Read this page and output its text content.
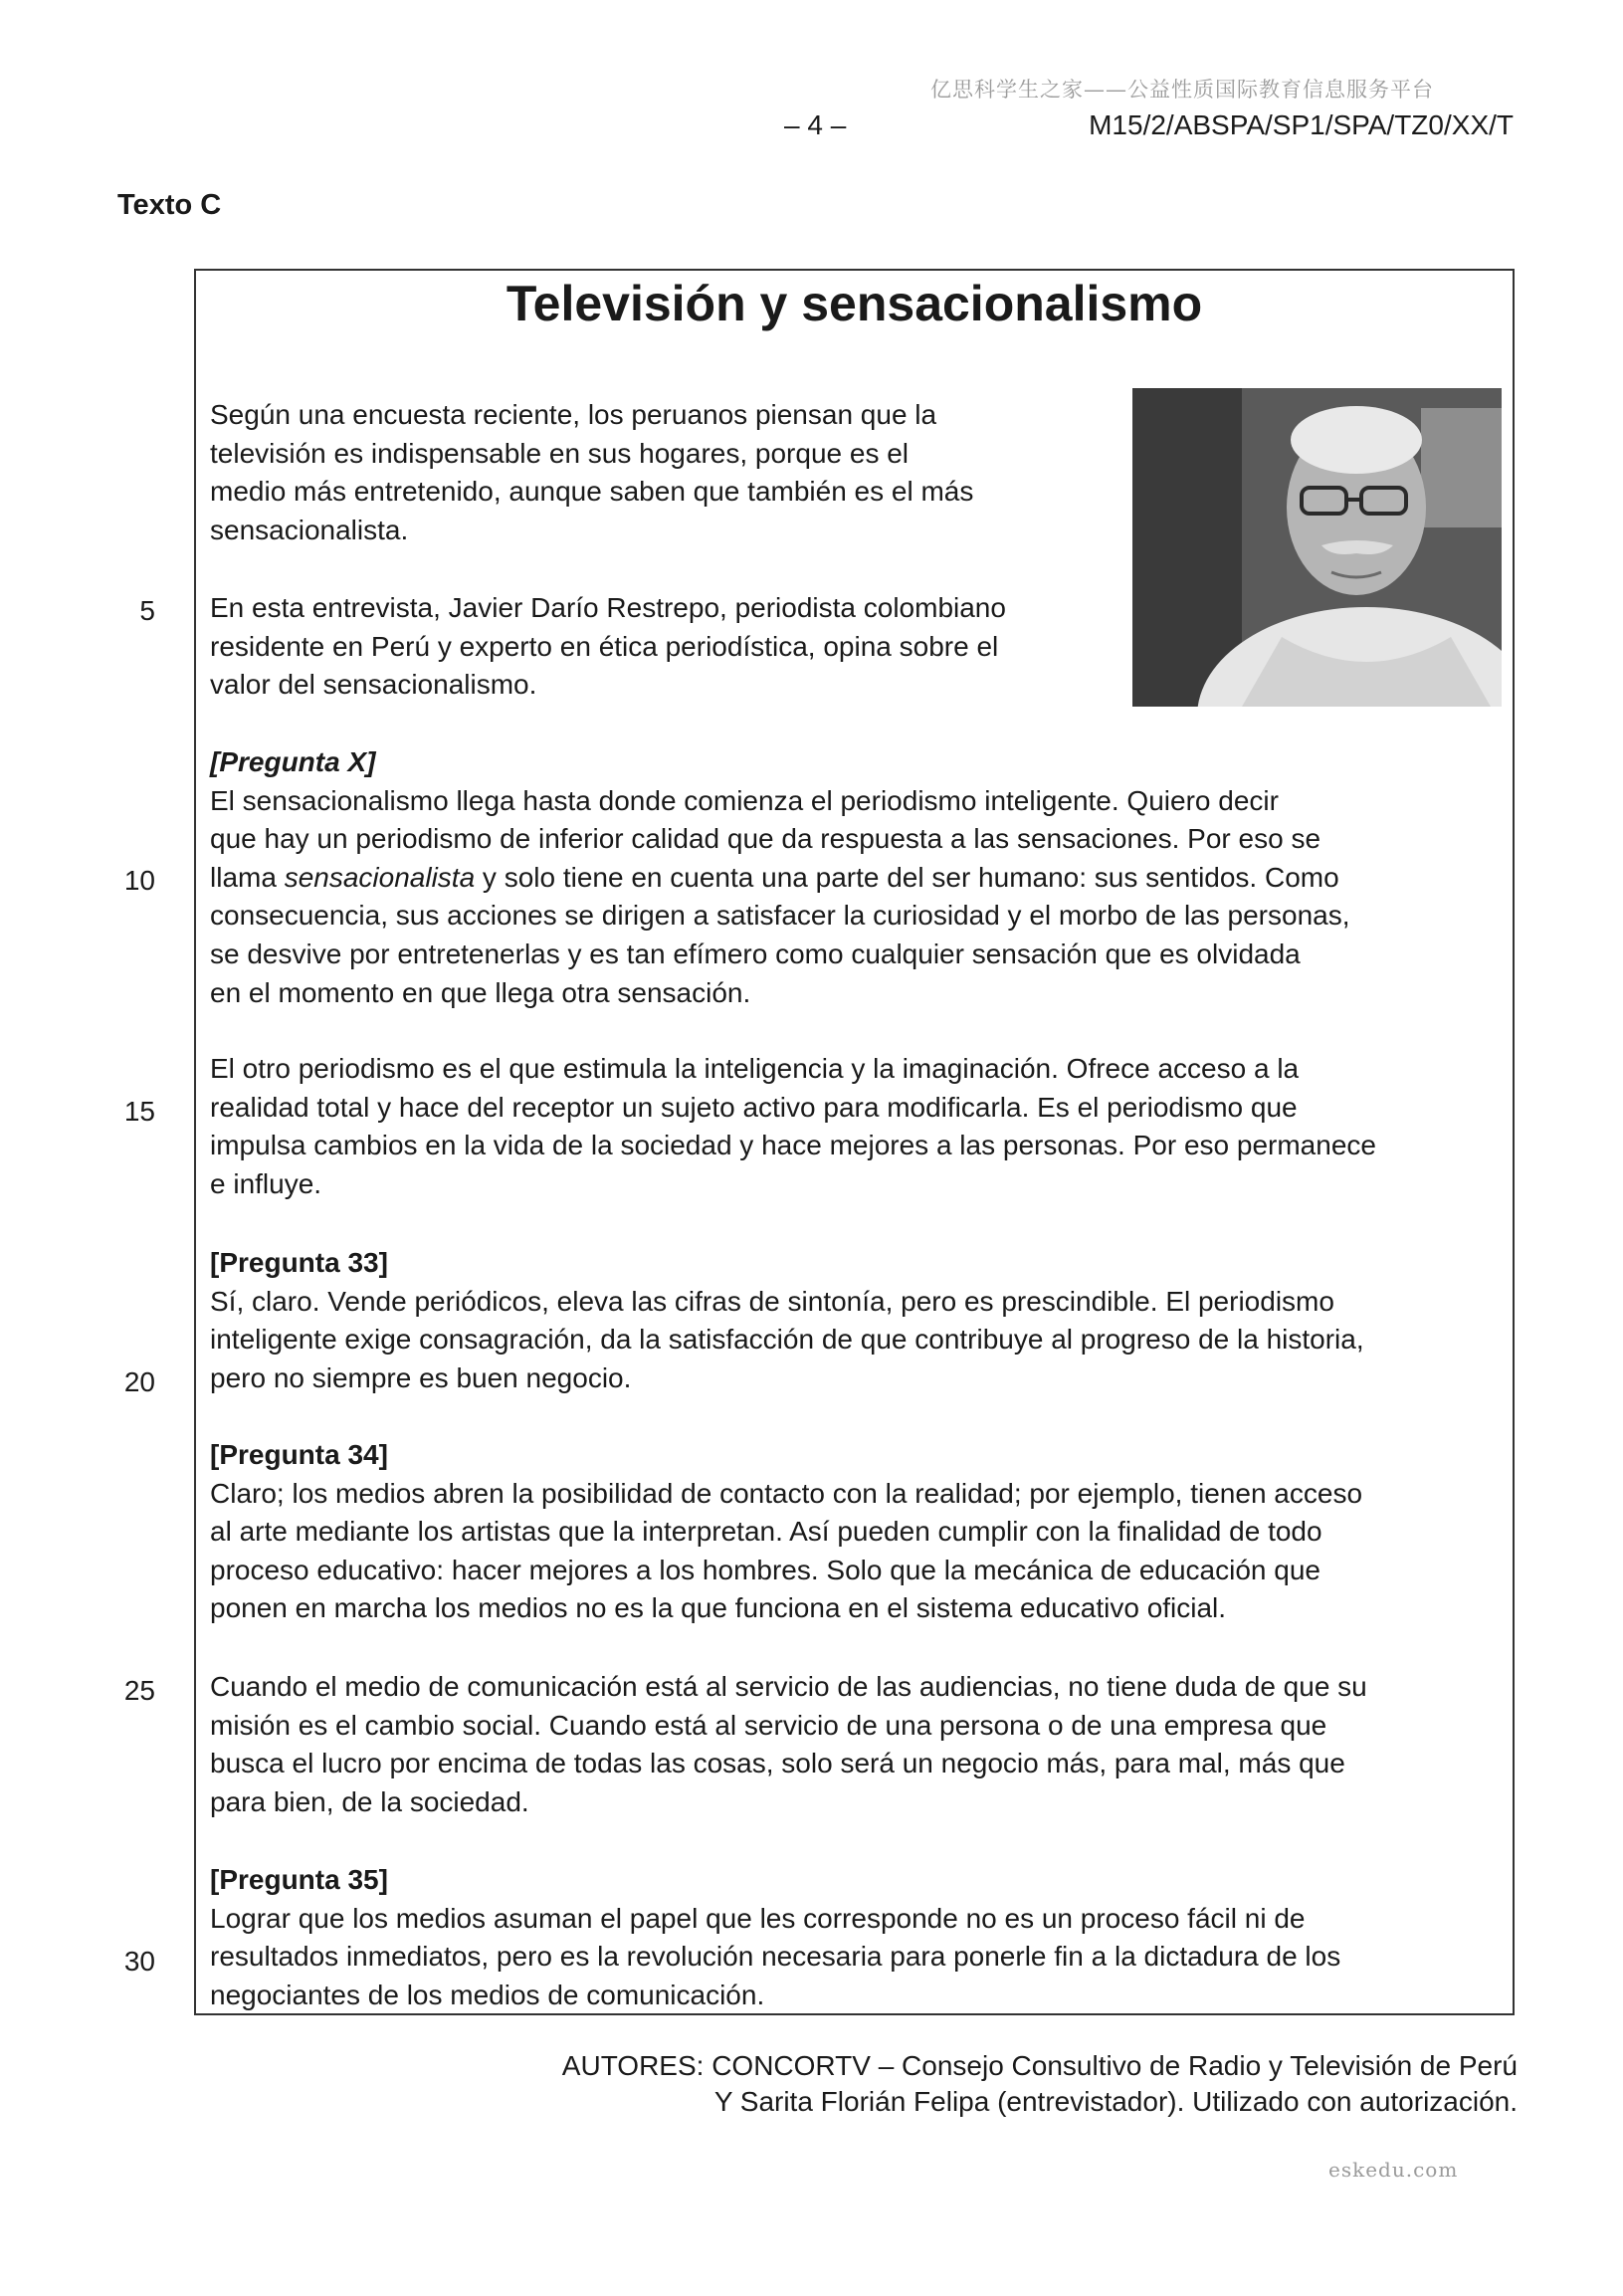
亿思科学生之家——公益性质国际教育信息服务平台
– 4 –	M15/2/ABSPA/SP1/SPA/TZ0/XX/T
Texto C
Televisión y sensacionalismo
Según una encuesta reciente, los peruanos piensan que la
televisión es indispensable en sus hogares, porque es el
medio más entretenido, aunque saben que también es el más
sensacionalista.
En esta entrevista, Javier Darío Restrepo, periodista colombiano
residente en Perú y experto en ética periodística, opina sobre el
valor del sensacionalismo.
[Pregunta X]
El sensacionalismo llega hasta donde comienza el periodismo inteligente. Quiero decir
que hay un periodismo de inferior calidad que da respuesta a las sensaciones. Por eso se
llama sensacionalista y solo tiene en cuenta una parte del ser humano: sus sentidos. Como
consecuencia, sus acciones se dirigen a satisfacer la curiosidad y el morbo de las personas,
se desvive por entretenerlas y es tan efímero como cualquier sensación que es olvidada
en el momento en que llega otra sensación.
El otro periodismo es el que estimula la inteligencia y la imaginación. Ofrece acceso a la
realidad total y hace del receptor un sujeto activo para modificarla. Es el periodismo que
impulsa cambios en la vida de la sociedad y hace mejores a las personas. Por eso permanece
e influye.
[Pregunta 33]
Sí, claro. Vende periódicos, eleva las cifras de sintonía, pero es prescindible. El periodismo
inteligente exige consagración, da la satisfacción de que contribuye al progreso de la historia,
pero no siempre es buen negocio.
[Pregunta 34]
Claro; los medios abren la posibilidad de contacto con la realidad; por ejemplo, tienen acceso
al arte mediante los artistas que la interpretan. Así pueden cumplir con la finalidad de todo
proceso educativo: hacer mejores a los hombres. Solo que la mecánica de educación que
ponen en marcha los medios no es la que funciona en el sistema educativo oficial.
Cuando el medio de comunicación está al servicio de las audiencias, no tiene duda de que su
misión es el cambio social. Cuando está al servicio de una persona o de una empresa que
busca el lucro por encima de todas las cosas, solo será un negocio más, para mal, más que
para bien, de la sociedad.
[Pregunta 35]
Lograr que los medios asuman el papel que les corresponde no es un proceso fácil ni de
resultados inmediatos, pero es la revolución necesaria para ponerle fin a la dictadura de los
negociantes de los medios de comunicación.
5
10
15
20
25
30
AUTORES: CONCORTV – Consejo Consultivo de Radio y Televisión de Perú
Y Sarita Florián Felipa (entrevistador). Utilizado con autorización.
eskedu.com
